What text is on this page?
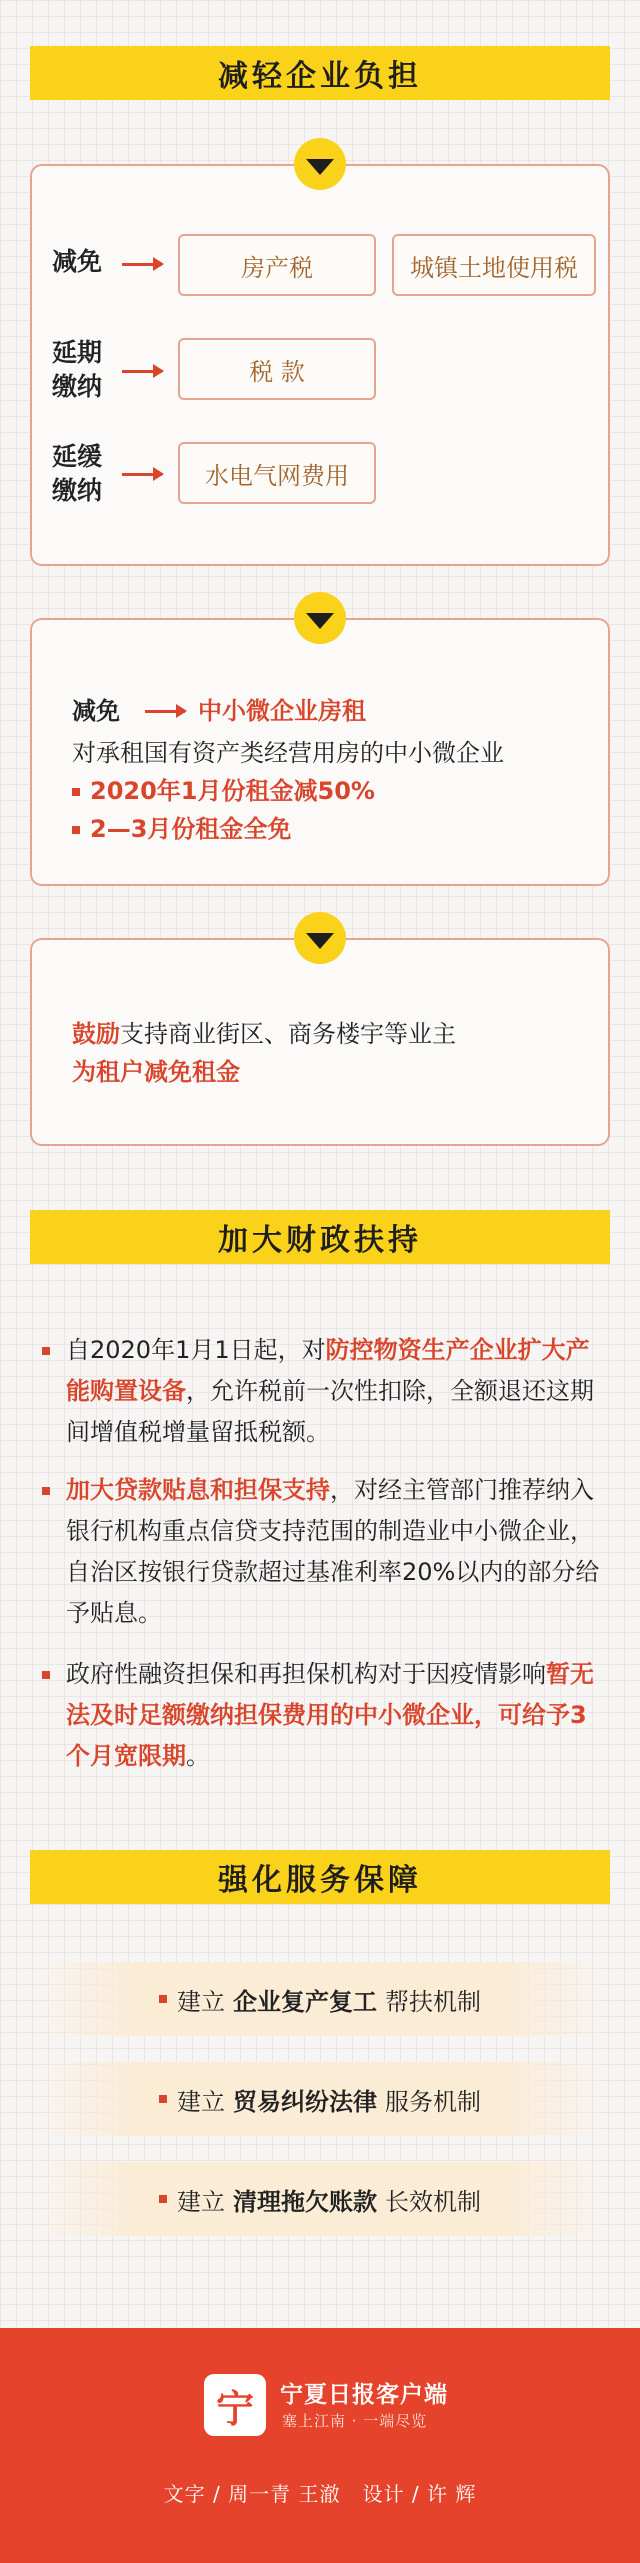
减轻企业负担
减免	房产税	城镇土地使用税
延期
缴纳
税 款
延缓
缴纳
水电气网费用
减免	中小微企业房租
对承租国有资产类经营用房的中小微企业
2020年1月份租金减50%
2—3月份租金全免
鼓励支持商业街区、商务楼宇等业主
为租户减免租金
加大财政扶持

自2020年1月1日起，对防控物资生产企业扩大产能购置设备，允许税前一次性扣除，全额退还这期间增值税增量留抵税额。

加大贷款贴息和担保支持，对经主管部门推荐纳入银行机构重点信贷支持范围的制造业中小微企业，自治区按银行贷款超过基准利率20%以内的部分给予贴息。

政府性融资担保和再担保机构对于因疫情影响暂无法及时足额缴纳担保费用的中小微企业，可给予3个月宽限期。

强化服务保障
建立 企业复产复工 帮扶机制
建立 贸易纠纷法律 服务机制
建立 清理拖欠账款 长效机制
宁	宁夏日报客户端
塞上江南 · 一端尽览
文字 / 周一青 王澈   设计 / 许 辉
